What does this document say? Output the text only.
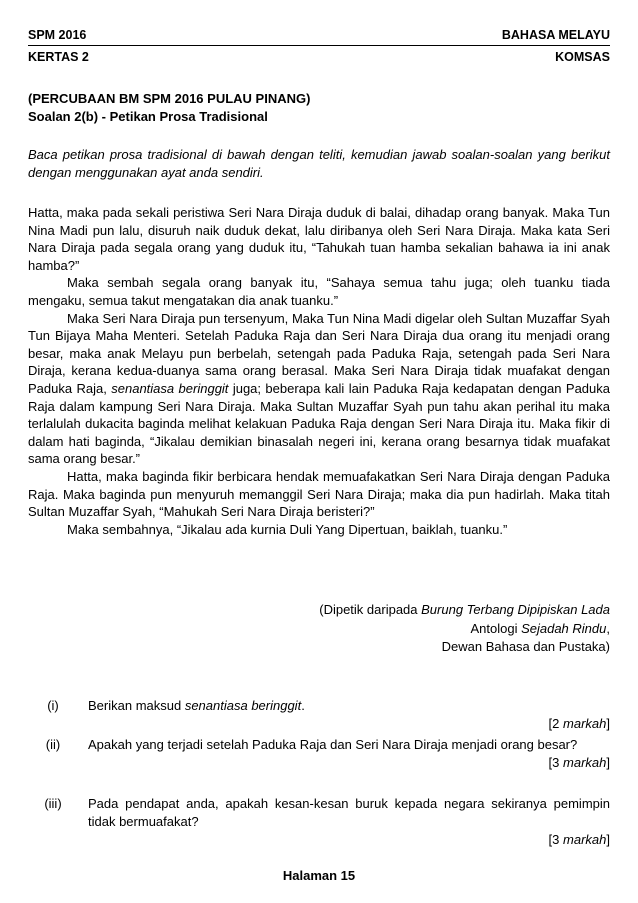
SPM 2016	BAHASA MELAYU
KERTAS 2	KOMSAS

(PERCUBAAN BM SPM 2016 PULAU PINANG)

Soalan 2(b) - Petikan Prosa Tradisional

Baca petikan prosa tradisional di bawah dengan teliti, kemudian jawab soalan-soalan yang berikut dengan menggunakan ayat anda sendiri.

Hatta, maka pada sekali peristiwa Seri Nara Diraja duduk di balai, dihadap orang banyak. Maka Tun Nina Madi pun lalu, disuruh naik duduk dekat, lalu diribanya oleh Seri Nara Diraja. Maka kata Seri Nara Diraja pada segala orang yang duduk itu, “Tahukah tuan hamba sekalian bahawa ia ini anak hamba?”

Maka sembah segala orang banyak itu, “Sahaya semua tahu juga; oleh tuanku tiada mengaku, semua takut mengatakan dia anak tuanku.”

Maka Seri Nara Diraja pun tersenyum, Maka Tun Nina Madi digelar oleh Sultan Muzaffar Syah Tun Bijaya Maha Menteri. Setelah Paduka Raja dan Seri Nara Diraja dua orang itu menjadi orang besar, maka anak Melayu pun berbelah, setengah pada Paduka Raja, setengah pada Seri Nara Diraja, kerana kedua-duanya sama orang berasal. Maka Seri Nara Diraja tidak muafakat dengan Paduka Raja, senantiasa beringgit juga; beberapa kali lain Paduka Raja kedapatan dengan Paduka Raja dalam kampung Seri Nara Diraja. Maka Sultan Muzaffar Syah pun tahu akan perihal itu maka terlalulah dukacita baginda melihat kelakuan Paduka Raja dengan Seri Nara Diraja itu. Maka fikir di dalam hati baginda, “Jikalau demikian binasalah negeri ini, kerana orang besarnya tidak muafakat sama orang besar.”

Hatta, maka baginda fikir berbicara hendak memuafakatkan Seri Nara Diraja dengan Paduka Raja. Maka baginda pun menyuruh memanggil Seri Nara Diraja; maka dia pun hadirlah. Maka titah Sultan Muzaffar Syah, “Mahukah Seri Nara Diraja beristeri?”

Maka sembahnya, “Jikalau ada kurnia Duli Yang Dipertuan, baiklah, tuanku.”

(Dipetik daripada Burung Terbang Dipipiskan Lada
Antologi Sejadah Rindu,
Dewan Bahasa dan Pustaka)
(i)	Berikan maksud senantiasa beringgit.
[2 markah]
(ii)	Apakah yang terjadi setelah Paduka Raja dan Seri Nara Diraja menjadi orang besar?
[3 markah]
(iii)	Pada pendapat anda, apakah kesan-kesan buruk kepada negara sekiranya pemimpin tidak bermuafakat?
[3 markah]
Halaman 15
